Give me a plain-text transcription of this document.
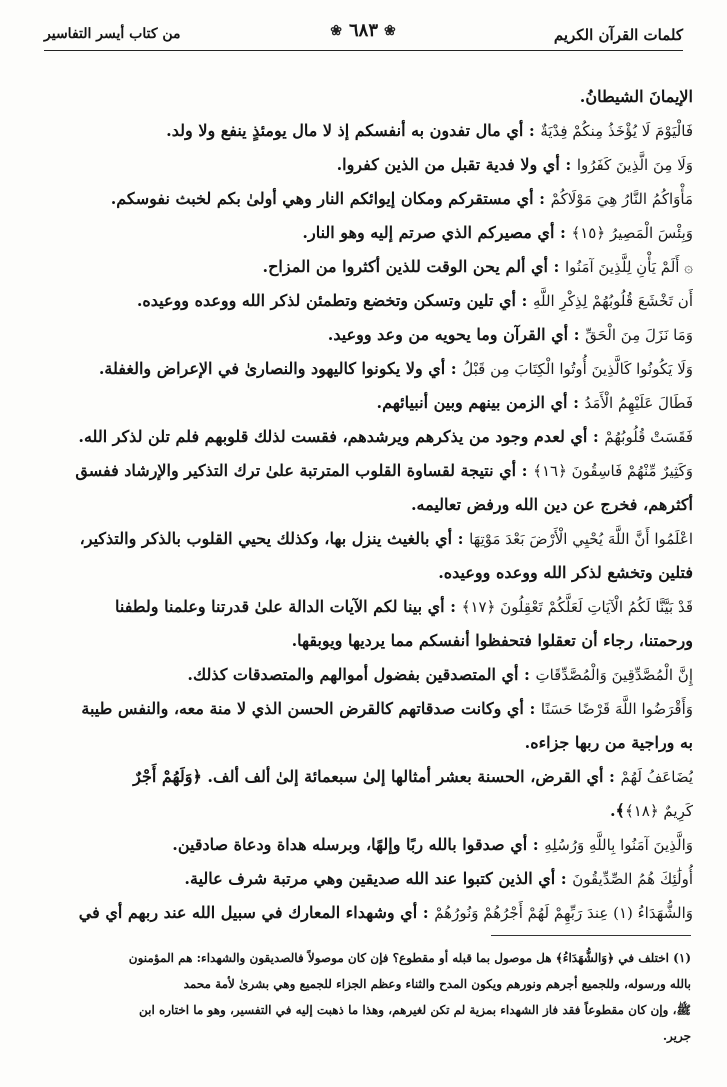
كلمات القرآن الكريم
❀
٦٨٣
❀
من كتاب أيسر التفاسير
الإيمانَ الشيطانُ.
فَالْيَوْمَ لَا يُؤْخَذُ مِنكُمْ فِدْيَةٌ : أي مال تفدون به أنفسكم إذ لا مال يومئذٍ ينفع ولا ولد.
وَلَا مِنَ الَّذِينَ كَفَرُوا : أي ولا فدية تقبل من الذين كفروا.
مَأْوَاكُمُ النَّارُ هِيَ مَوْلَاكُمْ : أي مستقركم ومكان إيوائكم النار وهي أولىٰ بكم لخبث نفوسكم.
وَبِئْسَ الْمَصِيرُ ﴿١٥﴾ : أي مصيركم الذي صرتم إليه وهو النار.
۞ أَلَمْ يَأْنِ لِلَّذِينَ آمَنُوا : أي ألم يحن الوقت للذين أكثروا من المزاح.
أَن تَخْشَعَ قُلُوبُهُمْ لِذِكْرِ اللَّهِ : أي تلين وتسكن وتخضع وتطمئن لذكر الله ووعده ووعيده.
وَمَا نَزَلَ مِنَ الْحَقِّ : أي القرآن وما يحويه من وعد ووعيد.
وَلَا يَكُونُوا كَالَّذِينَ أُوتُوا الْكِتَابَ مِن قَبْلُ : أي ولا يكونوا كاليهود والنصارىٰ في الإعراض والغفلة.
فَطَالَ عَلَيْهِمُ الْأَمَدُ : أي الزمن بينهم وبين أنبيائهم.
فَقَسَتْ قُلُوبُهُمْ : أي لعدم وجود من يذكرهم ويرشدهم، فقست لذلك قلوبهم فلم تلن لذكر الله.
وَكَثِيرٌ مِّنْهُمْ فَاسِقُونَ ﴿١٦﴾ : أي نتيجة لقساوة القلوب المترتبة علىٰ ترك التذكير والإرشاد ففسق
أكثرهم، فخرج عن دين الله ورفض تعاليمه.
اعْلَمُوا أَنَّ اللَّهَ يُحْيِي الْأَرْضَ بَعْدَ مَوْتِهَا : أي بالغيث ينزل بها، وكذلك يحيي القلوب بالذكر والتذكير،
فتلين وتخشع لذكر الله ووعده ووعيده.
قَدْ بَيَّنَّا لَكُمُ الْآيَاتِ لَعَلَّكُمْ تَعْقِلُونَ ﴿١٧﴾ : أي بينا لكم الآيات الدالة علىٰ قدرتنا وعلمنا ولطفنا
ورحمتنا، رجاء أن تعقلوا فتحفظوا أنفسكم مما يرديها ويوبقها.
إِنَّ الْمُصَّدِّقِينَ وَالْمُصَّدِّقَاتِ : أي المتصدقين بفضول أموالهم والمتصدقات كذلك.
وَأَقْرَضُوا اللَّهَ قَرْضًا حَسَنًا : أي وكانت صدقاتهم كالقرض الحسن الذي لا منة معه، والنفس طيبة
به وراجية من ربها جزاءه.
يُضَاعَفُ لَهُمْ : أي القرض، الحسنة بعشر أمثالها إلىٰ سبعمائة إلىٰ ألف ألف. ﴿وَلَهُمْ أَجْرٌ
كَرِيمٌ ﴿١٨﴾﴾.
وَالَّذِينَ آمَنُوا بِاللَّهِ وَرُسُلِهِ : أي صدقوا بالله ربًا وإلهًا، وبرسله هداة ودعاة صادقين.
أُولَٰئِكَ هُمُ الصِّدِّيقُونَ : أي الذين كتبوا عند الله صديقين وهي مرتبة شرف عالية.
وَالشُّهَدَاءُ (١) عِندَ رَبِّهِمْ لَهُمْ أَجْرُهُمْ وَنُورُهُمْ : أي وشهداء المعارك في سبيل الله عند ربهم أي في
(١) اختلف في ﴿وَالشُّهَدَاءُ﴾ هل موصول بما قبله أو مقطوع؟ فإن كان موصولاً فالصديقون والشهداء: هم المؤمنون
بالله ورسوله، وللجميع أجرهم ونورهم ويكون المدح والثناء وعظم الجزاء للجميع وهي بشرىٰ لأمة محمد
ﷺ، وإن كان مقطوعاً فقد فاز الشهداء بمزية لم تكن لغيرهم، وهذا ما ذهبت إليه في التفسير، وهو ما اختاره ابن
جرير.
